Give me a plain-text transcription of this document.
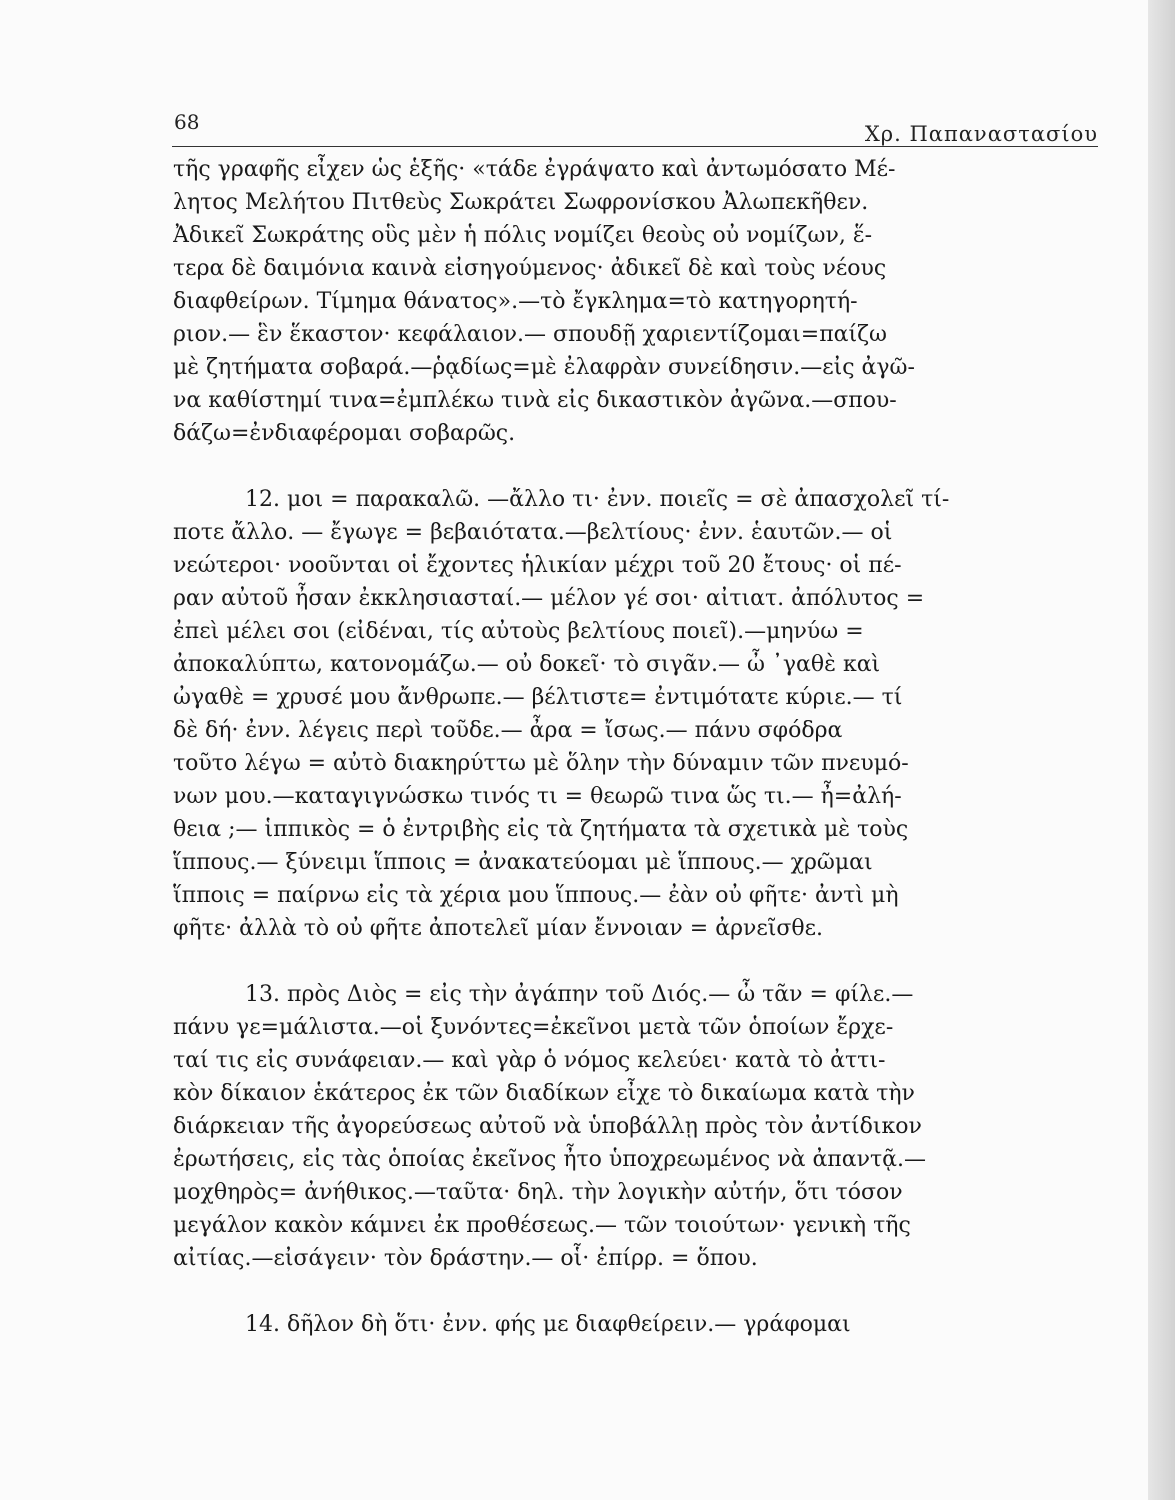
68	Χρ. Παπαναστασίου
τῆς γραφῆς εἶχεν ὡς ἑξῆς· «τάδε ἐγράψατο καὶ ἀντωμόσατο Μέ-
λητος Μελήτου Πιτθεὺς Σωκράτει Σωφρονίσκου Ἀλωπεκῆθεν.
Ἀδικεῖ Σωκράτης οὓς μὲν ἡ πόλις νομίζει θεοὺς οὐ νομίζων, ἕ-
τερα δὲ δαιμόνια καινὰ εἰσηγούμενος· ἀδικεῖ δὲ καὶ τοὺς νέους
διαφθείρων. Τίμημα θάνατος».—τὸ ἔγκλημα=τὸ κατηγορητή-
ριον.— ἓν ἕκαστον· κεφάλαιον.— σπουδῇ χαριεντίζομαι=παίζω
μὲ ζητήματα σοβαρά.—ῥᾳδίως=μὲ ἐλαφρὰν συνείδησιν.—εἰς ἀγῶ-
να καθίστημί τινα=ἐμπλέκω τινὰ εἰς δικαστικὸν ἀγῶνα.—σπου-
δάζω=ἐνδιαφέρομαι σοβαρῶς.
12. μοι = παρακαλῶ. —ἄλλο τι· ἐνν. ποιεῖς = σὲ ἀπασχολεῖ τί-
ποτε ἄλλο. — ἔγωγε = βεβαιότατα.—βελτίους· ἐνν. ἑαυτῶν.— οἱ
νεώτεροι· νοοῦνται οἱ ἔχοντες ἡλικίαν μέχρι τοῦ 20 ἔτους· οἱ πέ-
ραν αὐτοῦ ἦσαν ἐκκλησιασταί.— μέλον γέ σοι· αἰτιατ. ἀπόλυτος =
ἐπεὶ μέλει σοι (εἰδέναι, τίς αὐτοὺς βελτίους ποιεῖ).—μηνύω =
ἀποκαλύπτω, κατονομάζω.— οὐ δοκεῖ· τὸ σιγᾶν.— ὦ ᾿γαθὲ καὶ
ὠγαθὲ = χρυσέ μου ἄνθρωπε.— βέλτιστε= ἐντιμότατε κύριε.— τί
δὲ δή· ἐνν. λέγεις περὶ τοῦδε.— ἆρα = ἴσως.— πάνυ σφόδρα
τοῦτο λέγω = αὐτὸ διακηρύττω μὲ ὅλην τὴν δύναμιν τῶν πνευμό-
νων μου.—καταγιγνώσκω τινός τι = θεωρῶ τινα ὥς τι.— ἦ=ἀλή-
θεια ;— ἱππικὸς = ὁ ἐντριβὴς εἰς τὰ ζητήματα τὰ σχετικὰ μὲ τοὺς
ἵππους.— ξύνειμι ἵπποις = ἀνακατεύομαι μὲ ἵππους.— χρῶμαι
ἵπποις = παίρνω εἰς τὰ χέρια μου ἵππους.— ἐὰν οὐ φῆτε· ἀντὶ μὴ
φῆτε· ἀλλὰ τὸ οὐ φῆτε ἀποτελεῖ μίαν ἔννοιαν = ἀρνεῖσθε.
13. πρὸς Διὸς = εἰς τὴν ἀγάπην τοῦ Διός.— ὦ τᾶν = φίλε.—
πάνυ γε=μάλιστα.—οἱ ξυνόντες=ἐκεῖνοι μετὰ τῶν ὁποίων ἔρχε-
ταί τις εἰς συνάφειαν.— καὶ γὰρ ὁ νόμος κελεύει· κατὰ τὸ ἀττι-
κὸν δίκαιον ἑκάτερος ἐκ τῶν διαδίκων εἶχε τὸ δικαίωμα κατὰ τὴν
διάρκειαν τῆς ἀγορεύσεως αὐτοῦ νὰ ὑποβάλλῃ πρὸς τὸν ἀντίδικον
ἐρωτήσεις, εἰς τὰς ὁποίας ἐκεῖνος ἦτο ὑποχρεωμένος νὰ ἀπαντᾷ.—
μοχθηρὸς= ἀνήθικος.—ταῦτα· δηλ. τὴν λογικὴν αὐτήν, ὅτι τόσον
μεγάλον κακὸν κάμνει ἐκ προθέσεως.— τῶν τοιούτων· γενικὴ τῆς
αἰτίας.—εἰσάγειν· τὸν δράστην.— οἷ· ἐπίρρ. = ὅπου.
14. δῆλον δὴ ὅτι· ἐνν. φής με διαφθείρειν.— γράφομαι
